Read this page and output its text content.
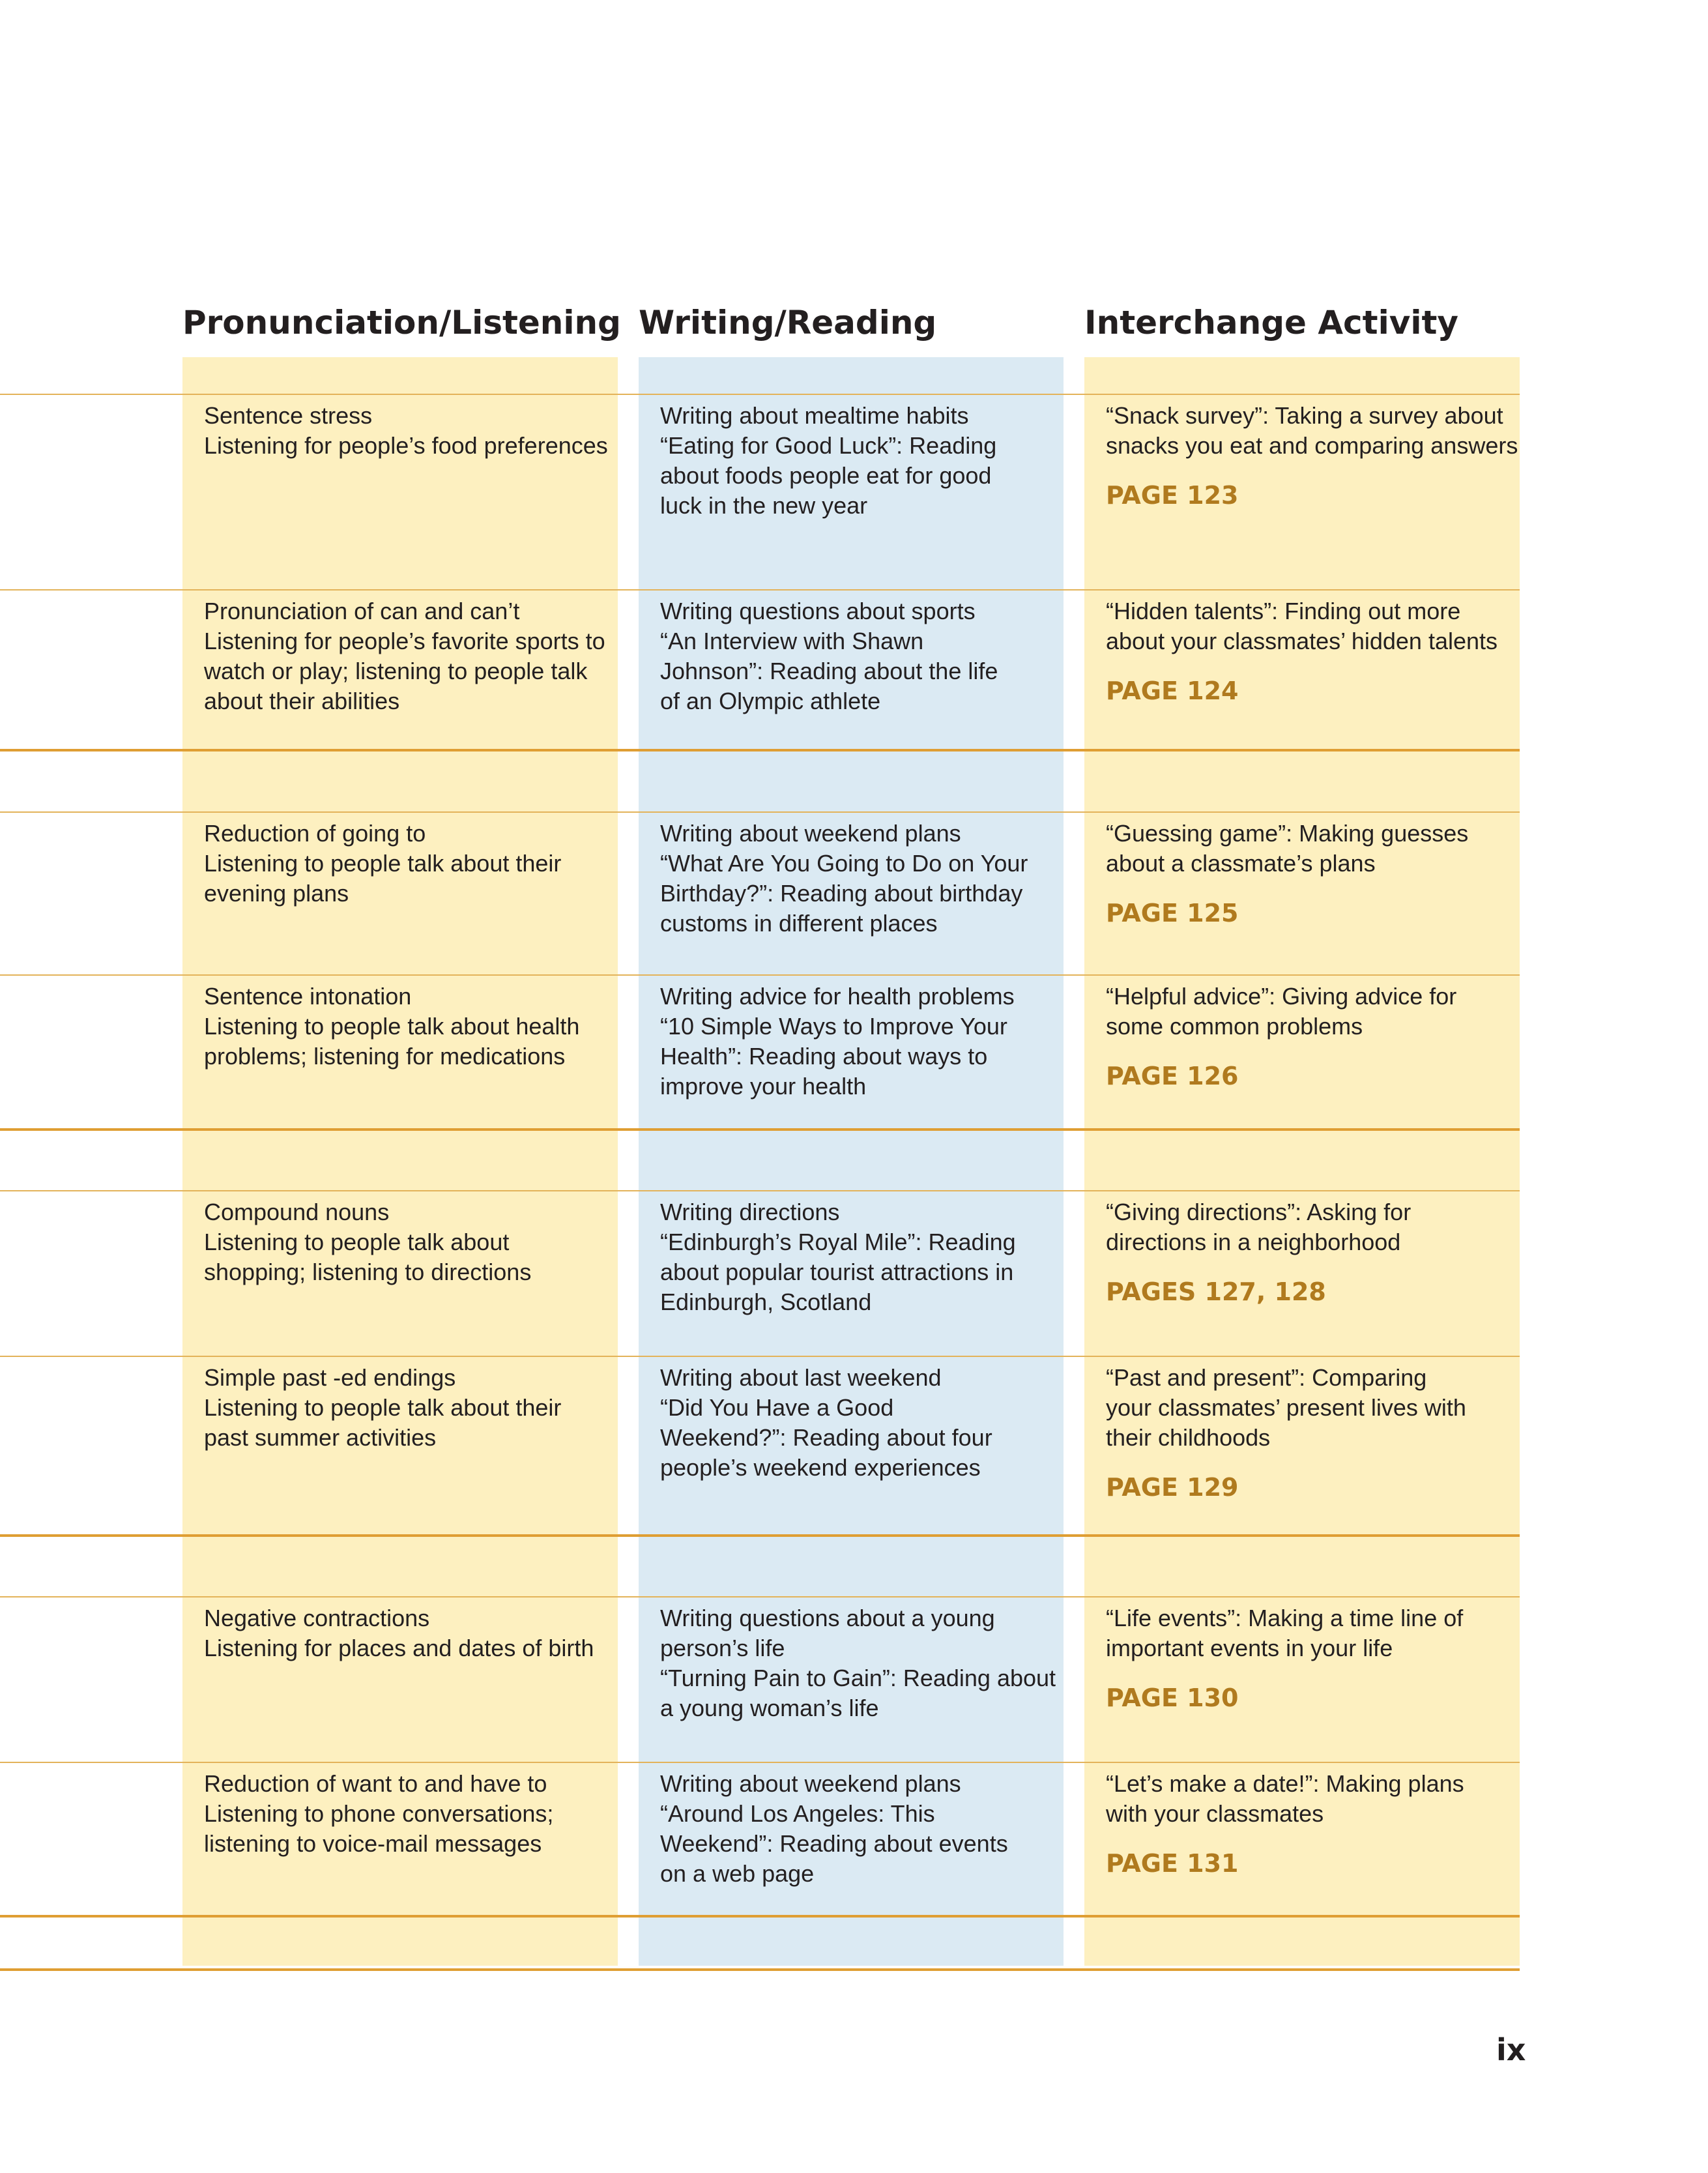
Pronunciation/Listening Writing/Reading	Interchange Activity
Sentence stress
Listening for people’s food preferences
Writing about mealtime habits
“Eating for Good Luck”: Reading
about foods people eat for good
luck in the new year
“Snack survey”: Taking a survey about
snacks you eat and comparing answers
PAGE 123
Pronunciation of can and can’t
Listening for people’s favorite sports to
watch or play; listening to people talk
about their abilities
Writing questions about sports
“An Interview with Shawn
Johnson”: Reading about the life
of an Olympic athlete
“Hidden talents”: Finding out more
about your classmates’ hidden talents
PAGE 124
Reduction of going to
Listening to people talk about their
evening plans
Writing about weekend plans
“What Are You Going to Do on Your
Birthday?”: Reading about birthday
customs in different places
“Guessing game”: Making guesses
about a classmate’s plans
PAGE 125
Sentence intonation
Listening to people talk about health
problems; listening for medications
Writing advice for health problems
“10 Simple Ways to Improve Your
Health”: Reading about ways to
improve your health
“Helpful advice”: Giving advice for
some common problems
PAGE 126
Compound nouns
Listening to people talk about
shopping; listening to directions
Writing directions
“Edinburgh’s Royal Mile”: Reading
about popular tourist attractions in
Edinburgh, Scotland
“Giving directions”: Asking for
directions in a neighborhood
PAGES 127, 128
Simple past -ed endings
Listening to people talk about their
past summer activities
Writing about last weekend
“Did You Have a Good
Weekend?”: Reading about four
people’s weekend experiences
“Past and present”: Comparing
your classmates’ present lives with
their childhoods
PAGE 129
Negative contractions
Listening for places and dates of birth
Writing questions about a young
person’s life
“Turning Pain to Gain”: Reading about
a young woman’s life
“Life events”: Making a time line of
important events in your life
PAGE 130
Reduction of want to and have to
Listening to phone conversations;
listening to voice-mail messages
Writing about weekend plans
“Around Los Angeles: This
Weekend”: Reading about events
on a web page
“Let’s make a date!”: Making plans
with your classmates
PAGE 131
ix
